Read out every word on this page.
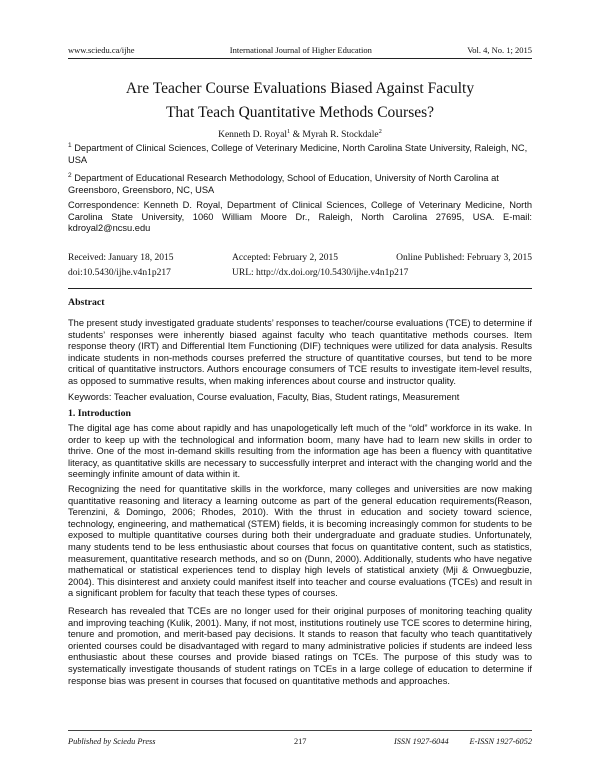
www.sciedu.ca/ijhe	International Journal of Higher Education	Vol. 4, No. 1; 2015
Are Teacher Course Evaluations Biased Against Faculty
That Teach Quantitative Methods Courses?
Kenneth D. Royal$^1$ & Myrah R. Stockdale$^2$
$^1$ Department of Clinical Sciences, College of Veterinary Medicine, North Carolina State University, Raleigh, NC, USA
$^2$ Department of Educational Research Methodology, School of Education, University of North Carolina at Greensboro, Greensboro, NC, USA
Correspondence: Kenneth D. Royal, Department of Clinical Sciences, College of Veterinary Medicine, North Carolina State University, 1060 William Moore Dr., Raleigh, North Carolina 27695, USA. E-mail: kdroyal2@ncsu.edu
Received: January 18, 2015	Accepted: February 2, 2015	Online Published: February 3, 2015
doi:10.5430/ijhe.v4n1p217	URL: http://dx.doi.org/10.5430/ijhe.v4n1p217
Abstract
The present study investigated graduate students’ responses to teacher/course evaluations (TCE) to determine if students’ responses were inherently biased against faculty who teach quantitative methods courses. Item response theory (IRT) and Differential Item Functioning (DIF) techniques were utilized for data analysis. Results indicate students in non-methods courses preferred the structure of quantitative courses, but tend to be more critical of quantitative instructors. Authors encourage consumers of TCE results to investigate item-level results, as opposed to summative results, when making inferences about course and instructor quality.
Keywords: Teacher evaluation, Course evaluation, Faculty, Bias, Student ratings, Measurement
1. Introduction
The digital age has come about rapidly and has unapologetically left much of the “old” workforce in its wake. In order to keep up with the technological and information boom, many have had to learn new skills in order to thrive. One of the most in-demand skills resulting from the information age has been a fluency with quantitative literacy, as quantitative skills are necessary to successfully interpret and interact with the changing world and the seemingly infinite amount of data within it.
Recognizing the need for quantitative skills in the workforce, many colleges and universities are now making quantitative reasoning and literacy a learning outcome as part of the general education requirements(Reason, Terenzini, & Domingo, 2006; Rhodes, 2010). With the thrust in education and society toward science, technology, engineering, and mathematical (STEM) fields, it is becoming increasingly common for students to be exposed to multiple quantitative courses during both their undergraduate and graduate studies. Unfortunately, many students tend to be less enthusiastic about courses that focus on quantitative content, such as statistics, measurement, quantitative research methods, and so on (Dunn, 2000). Additionally, students who have negative mathematical or statistical experiences tend to display high levels of statistical anxiety (Mji & Onwuegbuzie, 2004). This disinterest and anxiety could manifest itself into teacher and course evaluations (TCEs) and result in a significant problem for faculty that teach these types of courses.
Research has revealed that TCEs are no longer used for their original purposes of monitoring teaching quality and improving teaching (Kulik, 2001). Many, if not most, institutions routinely use TCE scores to determine hiring, tenure and promotion, and merit-based pay decisions. It stands to reason that faculty who teach quantitatively oriented courses could be disadvantaged with regard to many administrative policies if students are indeed less enthusiastic about these courses and provide biased ratings on TCEs. The purpose of this study was to systematically investigate thousands of student ratings on TCEs in a large college of education to determine if response bias was present in courses that focused on quantitative methods and approaches.
Published by Sciedu Press	217	ISSN 1927-6044	E-ISSN 1927-6052
